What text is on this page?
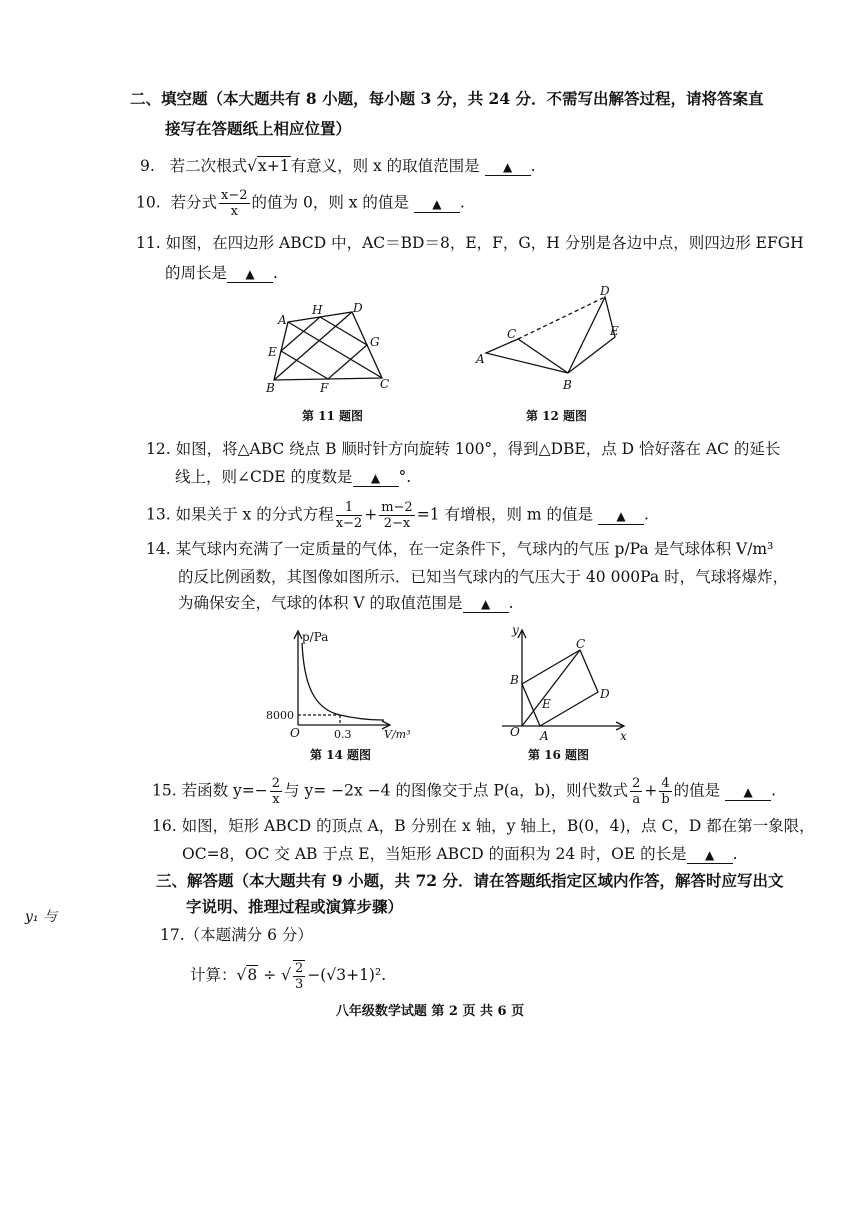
二、填空题（本大题共有 8 小题，每小题 3 分，共 24 分．不需写出解答过程，请将答案直
接写在答题纸上相应位置）
9. 若二次根式√x+1有意义，则 x 的取值范围是 ▲ .
10. 若分式 $\frac{x-2}{x}$ 的值为 0，则 x 的值是 ▲ .
11. 如图，在四边形 ABCD 中，AC＝BD＝8，E，F，G，H 分别是各边中点，则四边形 EFGH
的周长是 ▲ .
A
H	D
E
G
B	F	C
第 11 题图
A
C
D
E
B
第 12 题图
12. 如图，将△ABC 绕点 B 顺时针方向旋转 100°，得到△DBE，点 D 恰好落在 AC 的延长
线上，则∠CDE 的度数是 ▲ °.
13. 如果关于 x 的分式方程 $\frac{1}{x-2} + \frac{m-2}{2-x} =1$ 有增根，则 m 的值是 ▲ .
14. 某气球内充满了一定质量的气体，在一定条件下，气球内的气压 p/Pa 是气球体积 V/m³
的反比例函数，其图像如图所示．已知当气球内的气压大于 40 000Pa 时，气球将爆炸，
为确保安全，气球的体积 V 的取值范围是 ▲ .
p/Pa
8000
0.3
O	V/m³
第 14 题图
y
x
O A
B
C
D
E
第 16 题图
15. 若函数 $y=- \frac{2}{x}$ 与 y= −2x −4 的图像交于点 P(a，b)，则代数式 $\frac{2}{a} + \frac{4}{b}$ 的值是 ▲ .
16. 如图，矩形 ABCD 的顶点 A，B 分别在 x 轴，y 轴上，B(0，4)，点 C，D 都在第一象限，
OC=8，OC 交 AB 于点 E，当矩形 ABCD 的面积为 24 时，OE 的长是 ▲ .
三、解答题（本大题共有 9 小题，共 72 分．请在答题纸指定区域内作答，解答时应写出文
字说明、推理过程或演算步骤）
y₁ 与
17.（本题满分 6 分）
计算：√8 ÷ √ $\frac{2}{3} -(√3+1)^2$.
八年级数学试题 第 2 页 共 6 页
